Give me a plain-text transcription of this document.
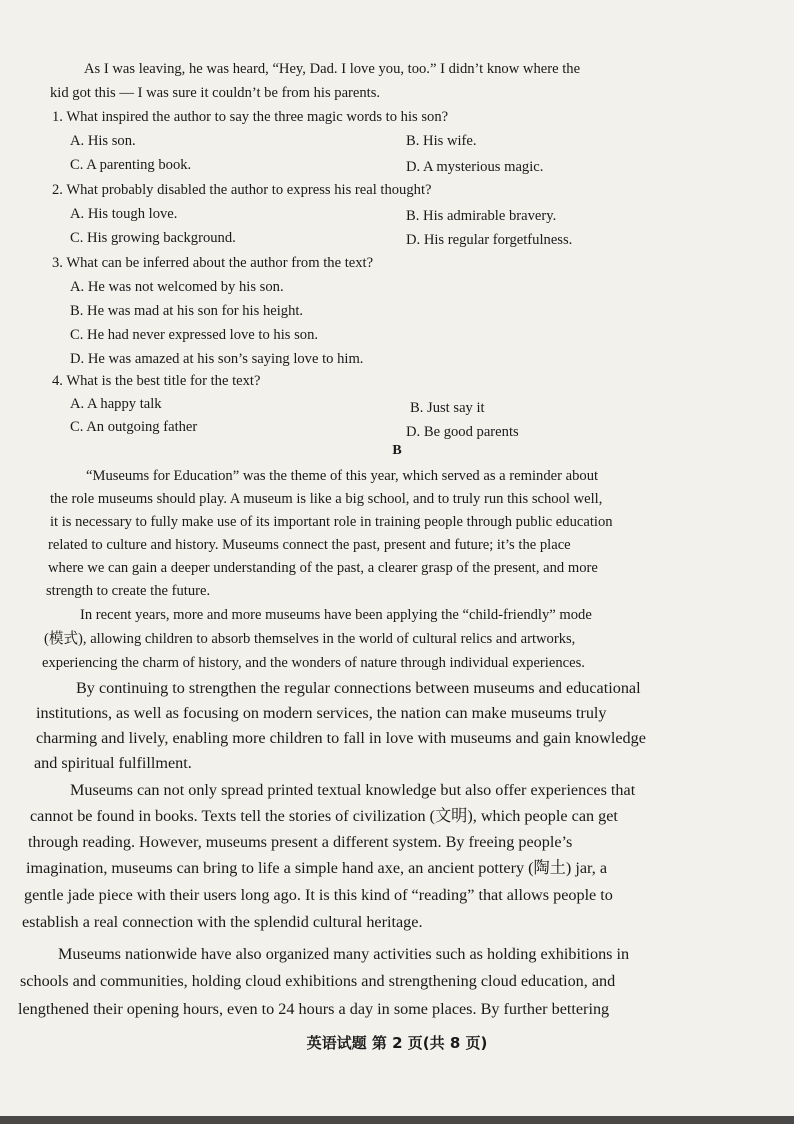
As I was leaving, he was heard, “Hey, Dad. I love you, too.” I didn’t know where the
kid got this — I was sure it couldn’t be from his parents.
1. What inspired the author to say the three magic words to his son?
A. His son.	B. His wife.
C. A parenting book.	D. A mysterious magic.
2. What probably disabled the author to express his real thought?
A. His tough love.	B. His admirable bravery.
C. His growing background.	D. His regular forgetfulness.
3. What can be inferred about the author from the text?
A. He was not welcomed by his son.
B. He was mad at his son for his height.
C. He had never expressed love to his son.
D. He was amazed at his son’s saying love to him.
4. What is the best title for the text?
A. A happy talk	B. Just say it
C. An outgoing father	D. Be good parents
B
“Museums for Education” was the theme of this year, which served as a reminder about
the role museums should play. A museum is like a big school, and to truly run this school well,
it is necessary to fully make use of its important role in training people through public education
related to culture and history. Museums connect the past, present and future; it’s the place
where we can gain a deeper understanding of the past, a clearer grasp of the present, and more
strength to create the future.
In recent years, more and more museums have been applying the “child-friendly” mode
(模式), allowing children to absorb themselves in the world of cultural relics and artworks,
experiencing the charm of history, and the wonders of nature through individual experiences.
By continuing to strengthen the regular connections between museums and educational
institutions, as well as focusing on modern services, the nation can make museums truly
charming and lively, enabling more children to fall in love with museums and gain knowledge
and spiritual fulfillment.
Museums can not only spread printed textual knowledge but also offer experiences that
cannot be found in books. Texts tell the stories of civilization (文明), which people can get
through reading. However, museums present a different system. By freeing people’s
imagination, museums can bring to life a simple hand axe, an ancient pottery (陶土) jar, a
gentle jade piece with their users long ago. It is this kind of “reading” that allows people to
establish a real connection with the splendid cultural heritage.
Museums nationwide have also organized many activities such as holding exhibitions in
schools and communities, holding cloud exhibitions and strengthening cloud education, and
lengthened their opening hours, even to 24 hours a day in some places. By further bettering
英语试题 第 2 页(共 8 页)
